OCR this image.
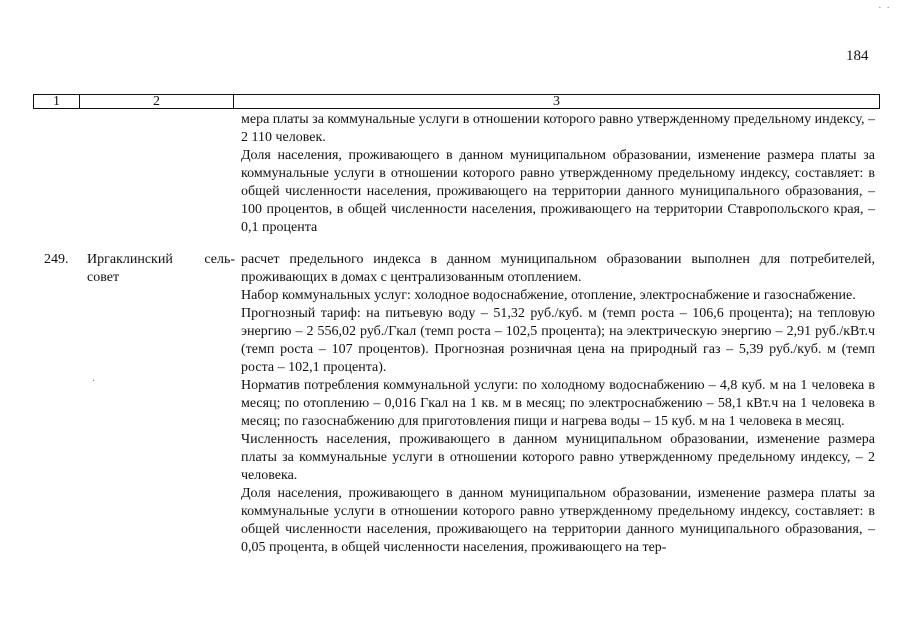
· ·
184
1	2	3

мера платы за коммунальные услуги в отношении которого равно утвержденному предельному индексу, – 2 110 человек.

Доля населения, проживающего в данном муниципальном образовании, изменение размера платы за коммунальные услуги в отношении которого равно утвержденному предельному индексу, составляет: в общей численности населения, проживающего на территории данного муниципального образования, – 100 процентов, в общей численности населения, проживающего на территории Ставропольского края, – 0,1 процента

249. Иргаклинский сель-
совет
·

расчет предельного индекса в данном муниципальном образовании выполнен для потребителей, проживающих в домах с централизованным отоплением.

Набор коммунальных услуг: холодное водоснабжение, отопление, электроснабжение и газоснабжение.

Прогнозный тариф: на питьевую воду – 51,32 руб./куб. м (темп роста – 106,6 процента); на тепловую энергию – 2 556,02 руб./Гкал (темп роста – 102,5 процента); на электрическую энергию – 2,91 руб./кВт.ч (темп роста – 107 процентов). Прогнозная розничная цена на природный газ – 5,39 руб./куб. м (темп роста – 102,1 процента).

Норматив потребления коммунальной услуги: по холодному водоснабжению – 4,8 куб. м на 1 человека в месяц; по отоплению – 0,016 Гкал на 1 кв. м в месяц; по электроснабжению – 58,1 кВт.ч на 1 человека в месяц; по газоснабжению для приготовления пищи и нагрева воды – 15 куб. м на 1 человека в месяц.

Численность населения, проживающего в данном муниципальном образовании, изменение размера платы за коммунальные услуги в отношении которого равно утвержденному предельному индексу, – 2 человека.

Доля населения, проживающего в данном муниципальном образовании, изменение размера платы за коммунальные услуги в отношении которого равно утвержденному предельному индексу, составляет: в общей численности населения, проживающего на территории данного муниципального образования, – 0,05 процента, в общей численности населения, проживающего на тер-
